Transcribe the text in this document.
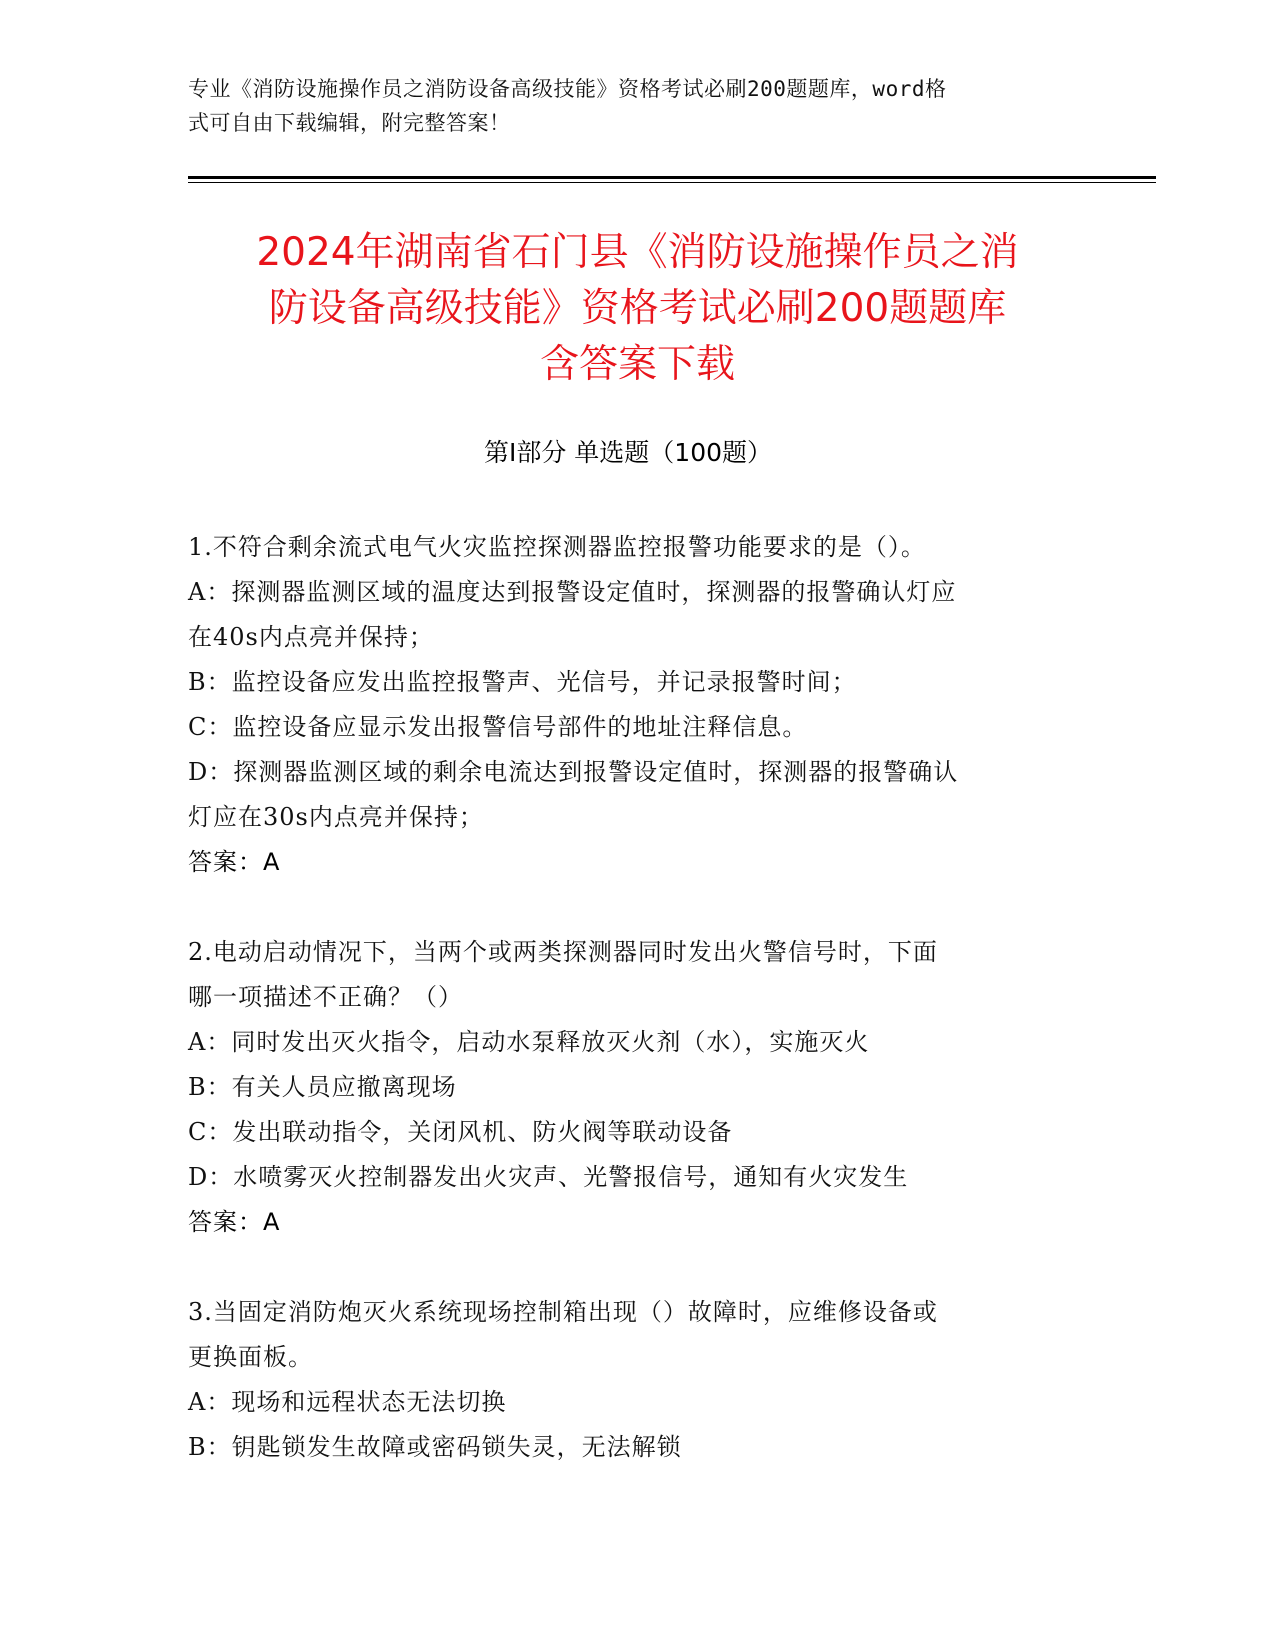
专业《消防设施操作员之消防设备高级技能》资格考试必刷200题题库，word格
式可自由下载编辑，附完整答案！
2024年湖南省石门县《消防设施操作员之消
防设备高级技能》资格考试必刷200题题库
含答案下载
第Ⅰ部分 单选题（100题）
1.不符合剩余流式电气火灾监控探测器监控报警功能要求的是（）。
A：探测器监测区域的温度达到报警设定值时，探测器的报警确认灯应
在40s内点亮并保持；
B：监控设备应发出监控报警声、光信号，并记录报警时间；
C：监控设备应显示发出报警信号部件的地址注释信息。
D：探测器监测区域的剩余电流达到报警设定值时，探测器的报警确认
灯应在30s内点亮并保持；
答案：A
2.电动启动情况下，当两个或两类探测器同时发出火警信号时，下面
哪一项描述不正确？（）
A：同时发出灭火指令，启动水泵释放灭火剂（水），实施灭火
B：有关人员应撤离现场
C：发出联动指令，关闭风机、防火阀等联动设备
D：水喷雾灭火控制器发出火灾声、光警报信号，通知有火灾发生
答案：A
3.当固定消防炮灭火系统现场控制箱出现（）故障时，应维修设备或
更换面板。
A：现场和远程状态无法切换
B：钥匙锁发生故障或密码锁失灵，无法解锁
